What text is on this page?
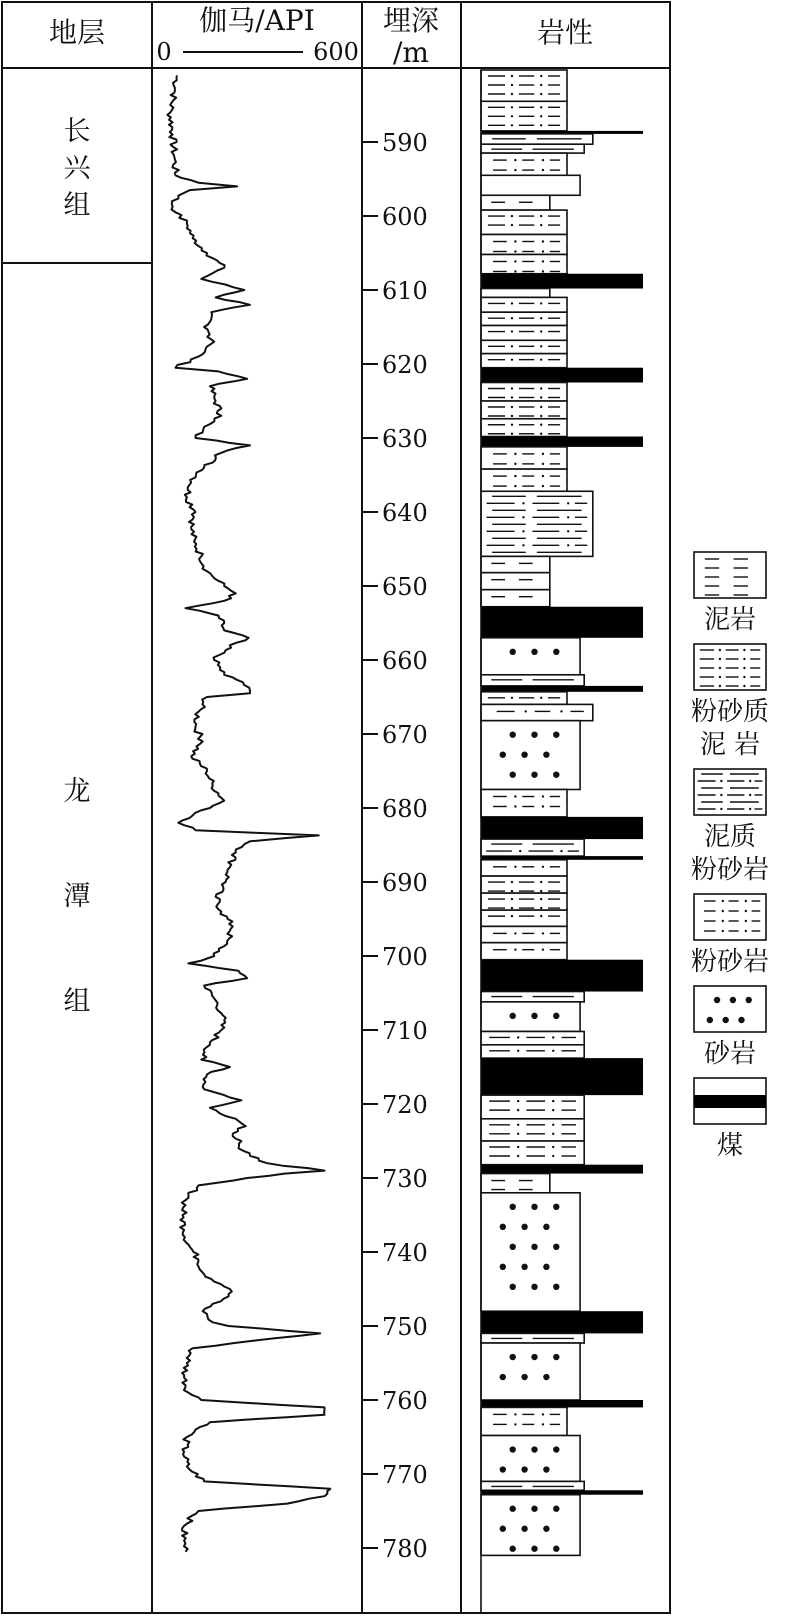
地层	伽马/API
0	600
埋深
/m
岩性
长
兴
组
龙
潭
组
590
600
610
620
630
640
650
660
670
680
690
700
710
720
730
740
750
760
770
780
泥岩
粉砂质
泥 岩
泥质
粉砂岩
粉砂岩
砂岩
煤
